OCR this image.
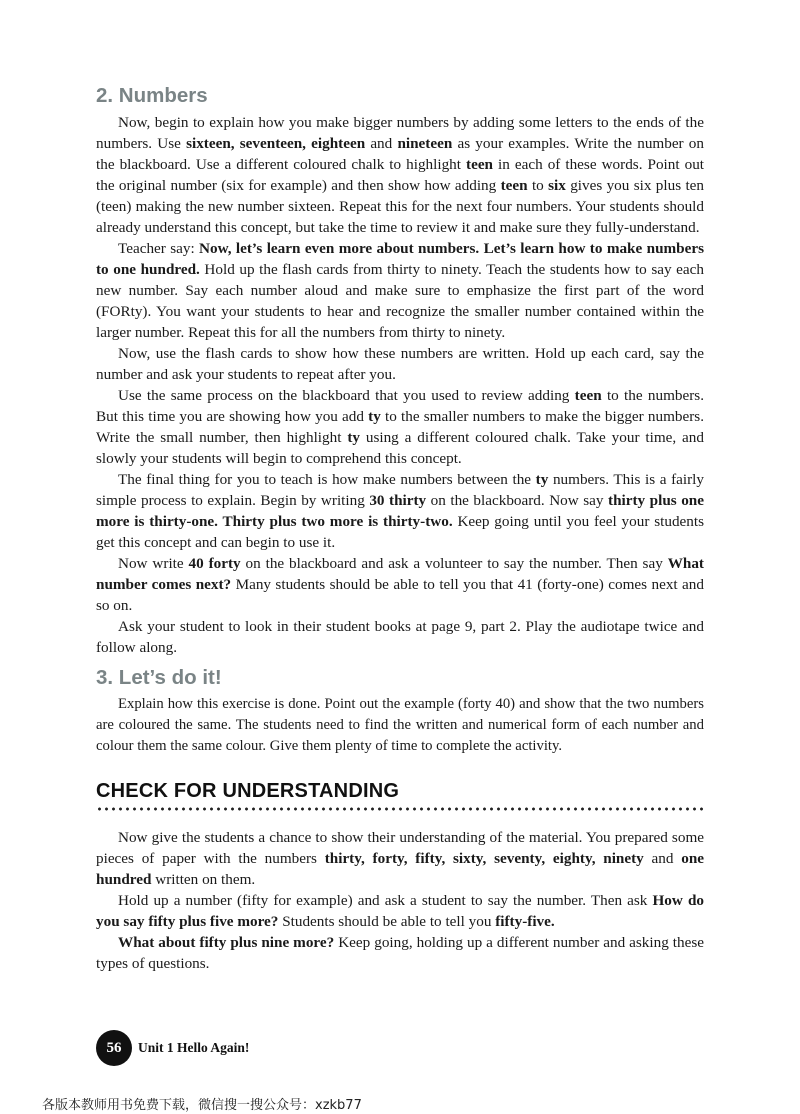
2. Numbers

Now, begin to explain how you make bigger numbers by adding some letters to the ends of the numbers. Use sixteen, seventeen, eighteen and nineteen as your examples. Write the number on the blackboard. Use a different coloured chalk to highlight teen in each of these words. Point out the original number (six for example) and then show how adding teen to six gives you six plus ten (teen) making the new number sixteen. Repeat this for the next four numbers. Your students should already understand this concept, but take the time to review it and make sure they fully-understand.

Teacher say: Now, let’s learn even more about numbers. Let’s learn how to make numbers to one hundred. Hold up the flash cards from thirty to ninety. Teach the students how to say each new number. Say each number aloud and make sure to emphasize the first part of the word (FORty). You want your students to hear and recognize the smaller number contained within the larger number. Repeat this for all the numbers from thirty to ninety.

Now, use the flash cards to show how these numbers are written. Hold up each card, say the number and ask your students to repeat after you.

Use the same process on the blackboard that you used to review adding teen to the numbers. But this time you are showing how you add ty to the smaller numbers to make the bigger numbers. Write the small number, then highlight ty using a different coloured chalk. Take your time, and slowly your students will begin to comprehend this concept.

The final thing for you to teach is how make numbers between the ty numbers. This is a fairly simple process to explain. Begin by writing 30 thirty on the blackboard. Now say thirty plus one more is thirty-one. Thirty plus two more is thirty-two. Keep going until you feel your students get this concept and can begin to use it.

Now write 40 forty on the blackboard and ask a volunteer to say the number. Then say What number comes next? Many students should be able to tell you that 41 (forty-one) comes next and so on.

Ask your student to look in their student books at page 9, part 2. Play the audiotape twice and follow along.

3. Let’s do it!

Explain how this exercise is done. Point out the example (forty 40) and show that the two numbers are coloured the same. The students need to find the written and numerical form of each number and colour them the same colour. Give them plenty of time to complete the activity.

CHECK FOR UNDERSTANDING

Now give the students a chance to show their understanding of the material. You prepared some pieces of paper with the numbers thirty, forty, fifty, sixty, seventy, eighty, ninety and one hundred written on them.

Hold up a number (fifty for example) and ask a student to say the number. Then ask How do you say fifty plus five more? Students should be able to tell you fifty-five.

What about fifty plus nine more? Keep going, holding up a different number and asking these types of questions.

56	Unit 1 Hello Again!
各版本教师用书免费下载，微信搜一搜公众号：xzkb77
